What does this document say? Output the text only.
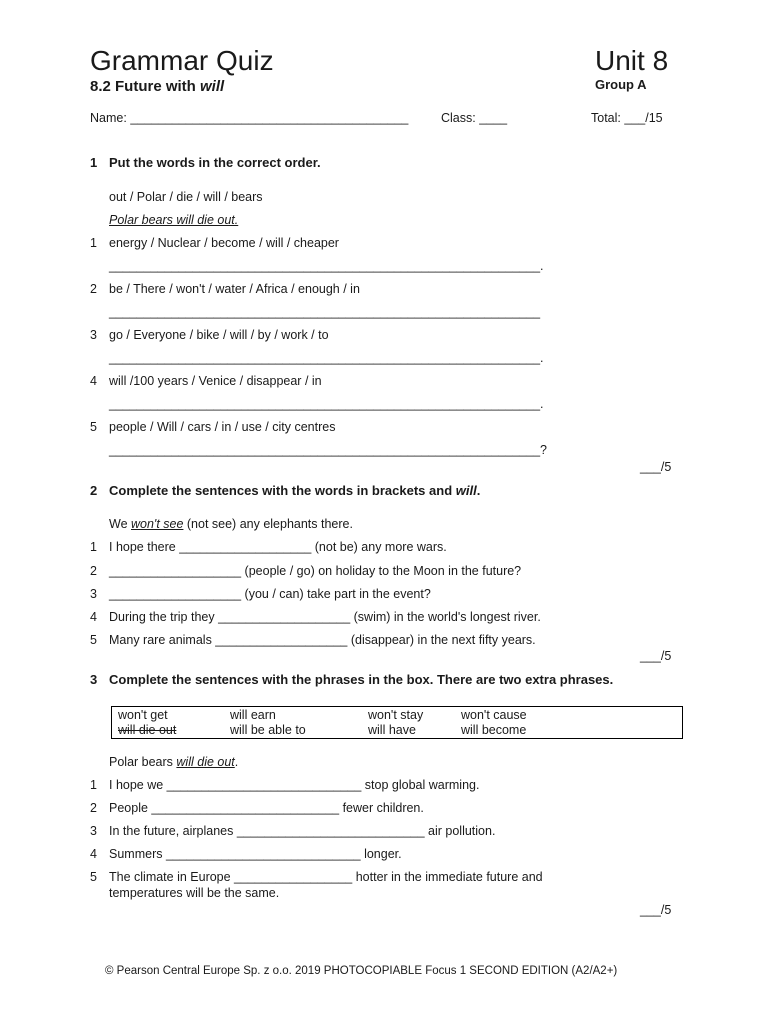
Grammar Quiz
8.2 Future with will
Unit 8
Group A
Name: ________________________________________	Class: ____	Total: ___/15
1 Put the words in the correct order.
out / Polar / die / will / bears
Polar bears will die out.
1 energy / Nuclear / become / will / cheaper
______________________________________________________________.
2 be / There / won't / water / Africa / enough / in
______________________________________________________________
3 go / Everyone / bike / will / by / work / to
______________________________________________________________.
4 will /100 years / Venice / disappear / in
______________________________________________________________.
5 people / Will / cars / in / use / city centres
______________________________________________________________?
___/5
2 Complete the sentences with the words in brackets and will.
We won't see (not see) any elephants there.
1 I hope there ___________________ (not be) any more wars.
2 ___________________ (people / go) on holiday to the Moon in the future?
3 ___________________ (you / can) take part in the event?
4 During the trip they ___________________ (swim) in the world's longest river.
5 Many rare animals ___________________ (disappear) in the next fifty years.
___/5
3 Complete the sentences with the phrases in the box. There are two extra phrases.
won't get	will earn	won't stay	won't cause
will die out	will be able to	will have	will become
Polar bears will die out.
1 I hope we ____________________________ stop global warming.
2 People ___________________________ fewer children.
3 In the future, airplanes ___________________________ air pollution.
4 Summers ____________________________ longer.
5 The climate in Europe _________________ hotter in the immediate future and
temperatures will be the same.
___/5
© Pearson Central Europe Sp. z o.o. 2019 PHOTOCOPIABLE Focus 1 SECOND EDITION (A2/A2+)
